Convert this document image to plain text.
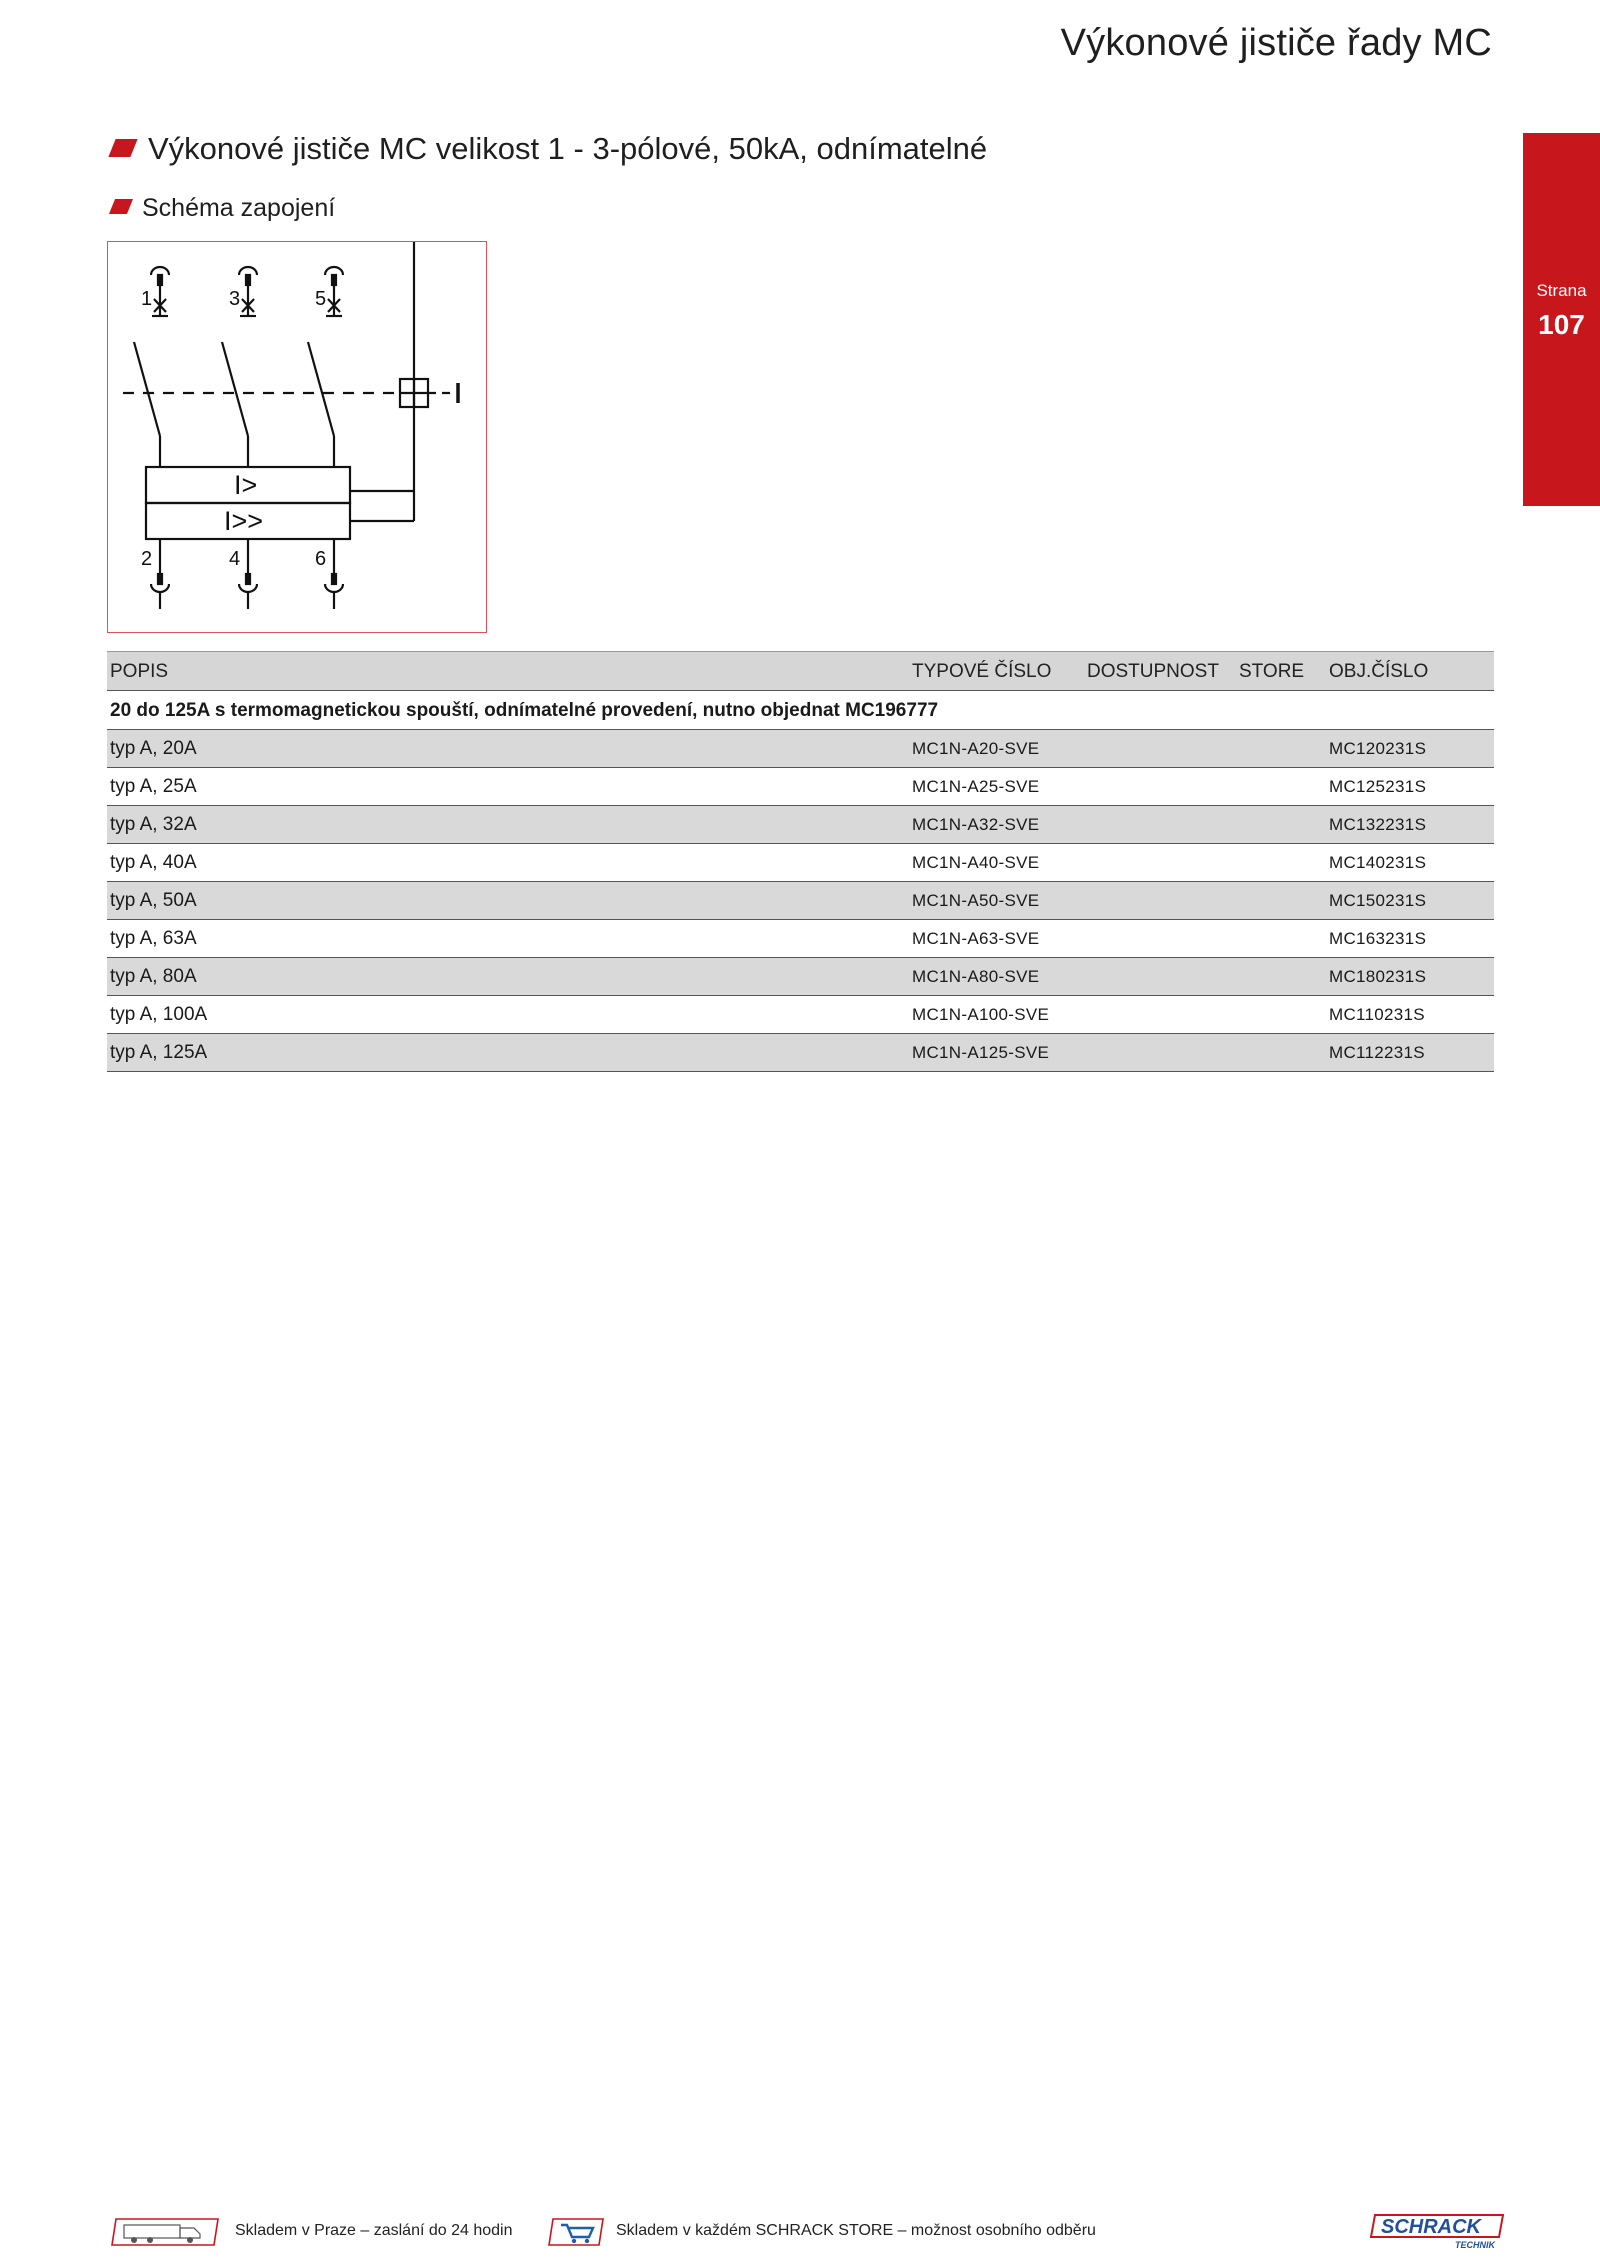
Výkonové jističe řady MC
Strana
107
Výkonové jističe MC velikost 1 - 3-pólové, 50kA, odnímatelné
Schéma zapojení
1	3	5
I>
I>>
2	4	6
POPIS	TYPOVÉ ČÍSLO DOSTUPNOST STORE OBJ.ČÍSLO
20 do 125A s termomagnetickou spouští, odnímatelné provedení, nutno objednat MC196777
typ A, 20A	MC1N-A20-SVE	MC120231S
typ A, 25A	MC1N-A25-SVE	MC125231S
typ A, 32A	MC1N-A32-SVE	MC132231S
typ A, 40A	MC1N-A40-SVE	MC140231S
typ A, 50A	MC1N-A50-SVE	MC150231S
typ A, 63A	MC1N-A63-SVE	MC163231S
typ A, 80A	MC1N-A80-SVE	MC180231S
typ A, 100A	MC1N-A100-SVE	MC110231S
typ A, 125A	MC1N-A125-SVE	MC112231S
Skladem v Praze – zaslání do 24 hodin	Skladem v každém SCHRACK STORE – možnost osobního odběru	SCHRACK
TECHNIK
